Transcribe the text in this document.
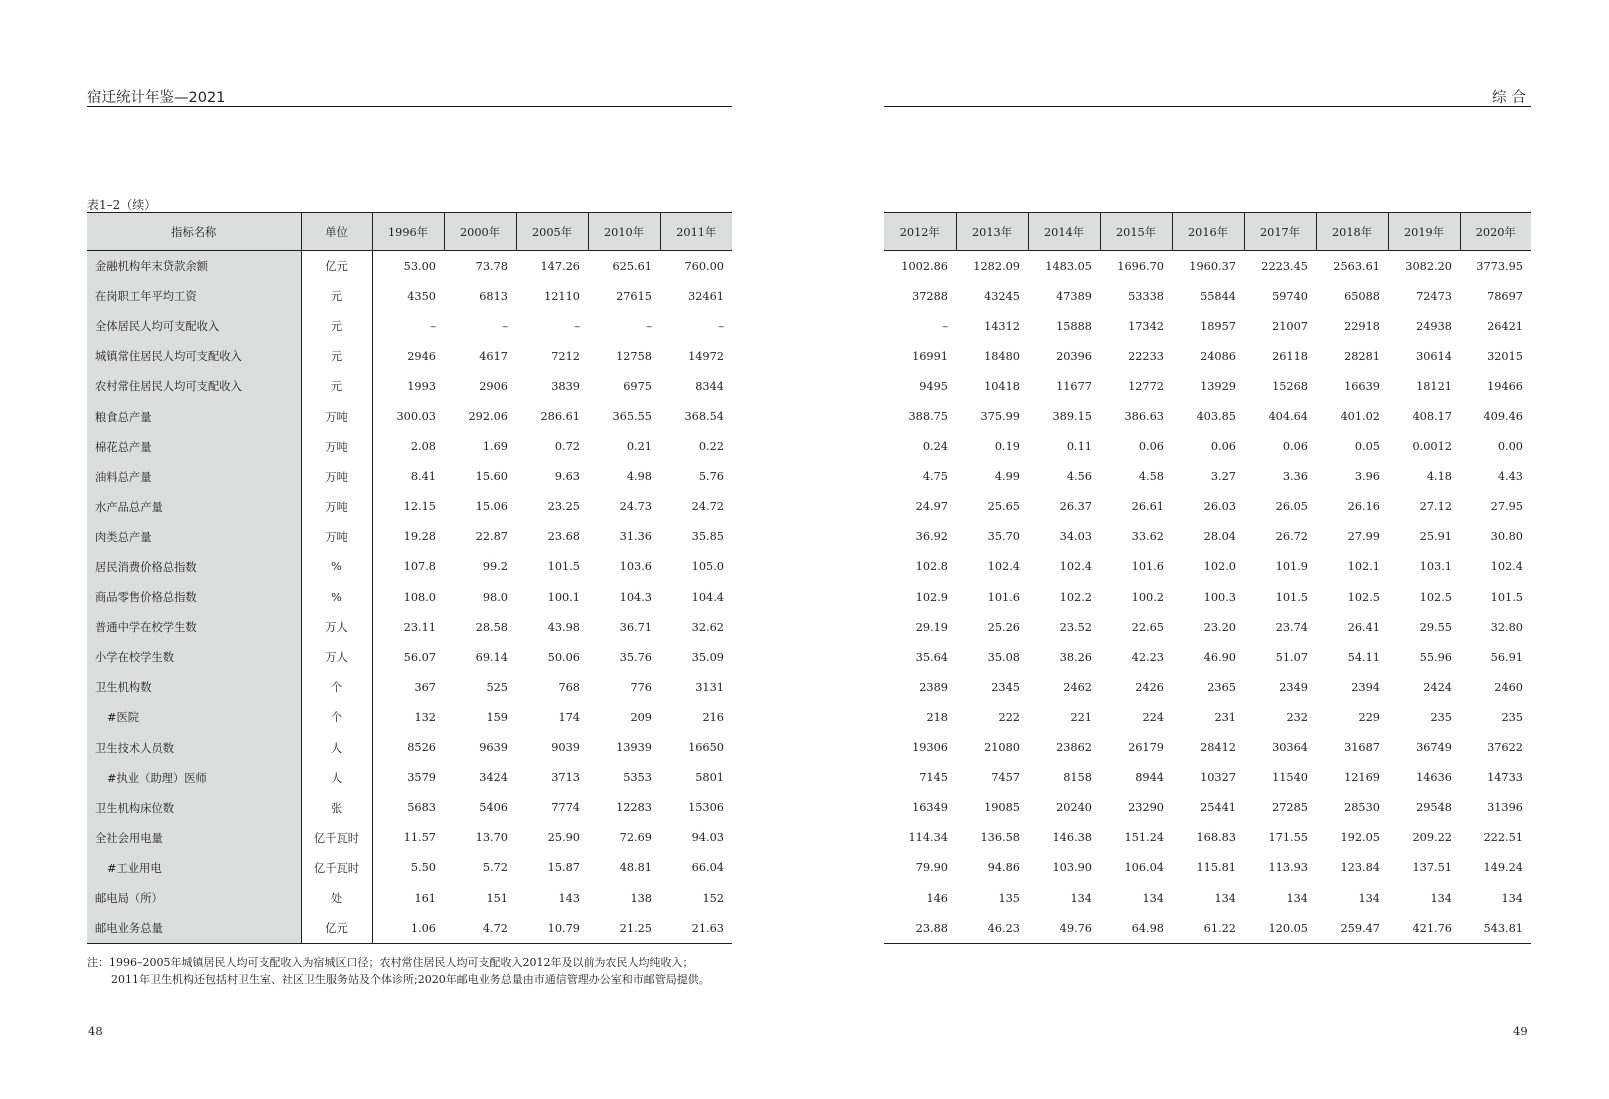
宿迁统计年鉴—2021	综合
表1–2（续）
指标名称	单位	1996年	2000年	2005年	2010年	2011年
金融机构年末贷款余额	亿元	53.00	73.78	147.26	625.61	760.00
在岗职工年平均工资	元	4350	6813	12110	27615	32461
全体居民人均可支配收入	元	–	–	–	–	–
城镇常住居民人均可支配收入	元	2946	4617	7212	12758	14972
农村常住居民人均可支配收入	元	1993	2906	3839	6975	8344
粮食总产量	万吨	300.03	292.06	286.61	365.55	368.54
棉花总产量	万吨	2.08	1.69	0.72	0.21	0.22
油料总产量	万吨	8.41	15.60	9.63	4.98	5.76
水产品总产量	万吨	12.15	15.06	23.25	24.73	24.72
肉类总产量	万吨	19.28	22.87	23.68	31.36	35.85
居民消费价格总指数	%	107.8	99.2	101.5	103.6	105.0
商品零售价格总指数	%	108.0	98.0	100.1	104.3	104.4
普通中学在校学生数	万人	23.11	28.58	43.98	36.71	32.62
小学在校学生数	万人	56.07	69.14	50.06	35.76	35.09
卫生机构数	个	367	525	768	776	3131
#医院	个	132	159	174	209	216
卫生技术人员数	人	8526	9639	9039	13939	16650
#执业（助理）医师	人	3579	3424	3713	5353	5801
卫生机构床位数	张	5683	5406	7774	12283	15306
全社会用电量	亿千瓦时	11.57	13.70	25.90	72.69	94.03
#工业用电	亿千瓦时	5.50	5.72	15.87	48.81	66.04
邮电局（所）	处	161	151	143	138	152
邮电业务总量	亿元	1.06	4.72	10.79	21.25	21.63
2012年	2013年	2014年	2015年	2016年	2017年	2018年	2019年	2020年
1002.86	1282.09	1483.05	1696.70	1960.37	2223.45	2563.61	3082.20	3773.95
37288	43245	47389	53338	55844	59740	65088	72473	78697
–	14312	15888	17342	18957	21007	22918	24938	26421
16991	18480	20396	22233	24086	26118	28281	30614	32015
9495	10418	11677	12772	13929	15268	16639	18121	19466
388.75	375.99	389.15	386.63	403.85	404.64	401.02	408.17	409.46
0.24	0.19	0.11	0.06	0.06	0.06	0.05	0.0012	0.00
4.75	4.99	4.56	4.58	3.27	3.36	3.96	4.18	4.43
24.97	25.65	26.37	26.61	26.03	26.05	26.16	27.12	27.95
36.92	35.70	34.03	33.62	28.04	26.72	27.99	25.91	30.80
102.8	102.4	102.4	101.6	102.0	101.9	102.1	103.1	102.4
102.9	101.6	102.2	100.2	100.3	101.5	102.5	102.5	101.5
29.19	25.26	23.52	22.65	23.20	23.74	26.41	29.55	32.80
35.64	35.08	38.26	42.23	46.90	51.07	54.11	55.96	56.91
2389	2345	2462	2426	2365	2349	2394	2424	2460
218	222	221	224	231	232	229	235	235
19306	21080	23862	26179	28412	30364	31687	36749	37622
7145	7457	8158	8944	10327	11540	12169	14636	14733
16349	19085	20240	23290	25441	27285	28530	29548	31396
114.34	136.58	146.38	151.24	168.83	171.55	192.05	209.22	222.51
79.90	94.86	103.90	106.04	115.81	113.93	123.84	137.51	149.24
146	135	134	134	134	134	134	134	134
23.88	46.23	49.76	64.98	61.22	120.05	259.47	421.76	543.81
注：1996–2005年城镇居民人均可支配收入为宿城区口径；农村常住居民人均可支配收入2012年及以前为农民人均纯收入；
2011年卫生机构还包括村卫生室、社区卫生服务站及个体诊所;2020年邮电业务总量由市通信管理办公室和市邮管局提供。
48	49
